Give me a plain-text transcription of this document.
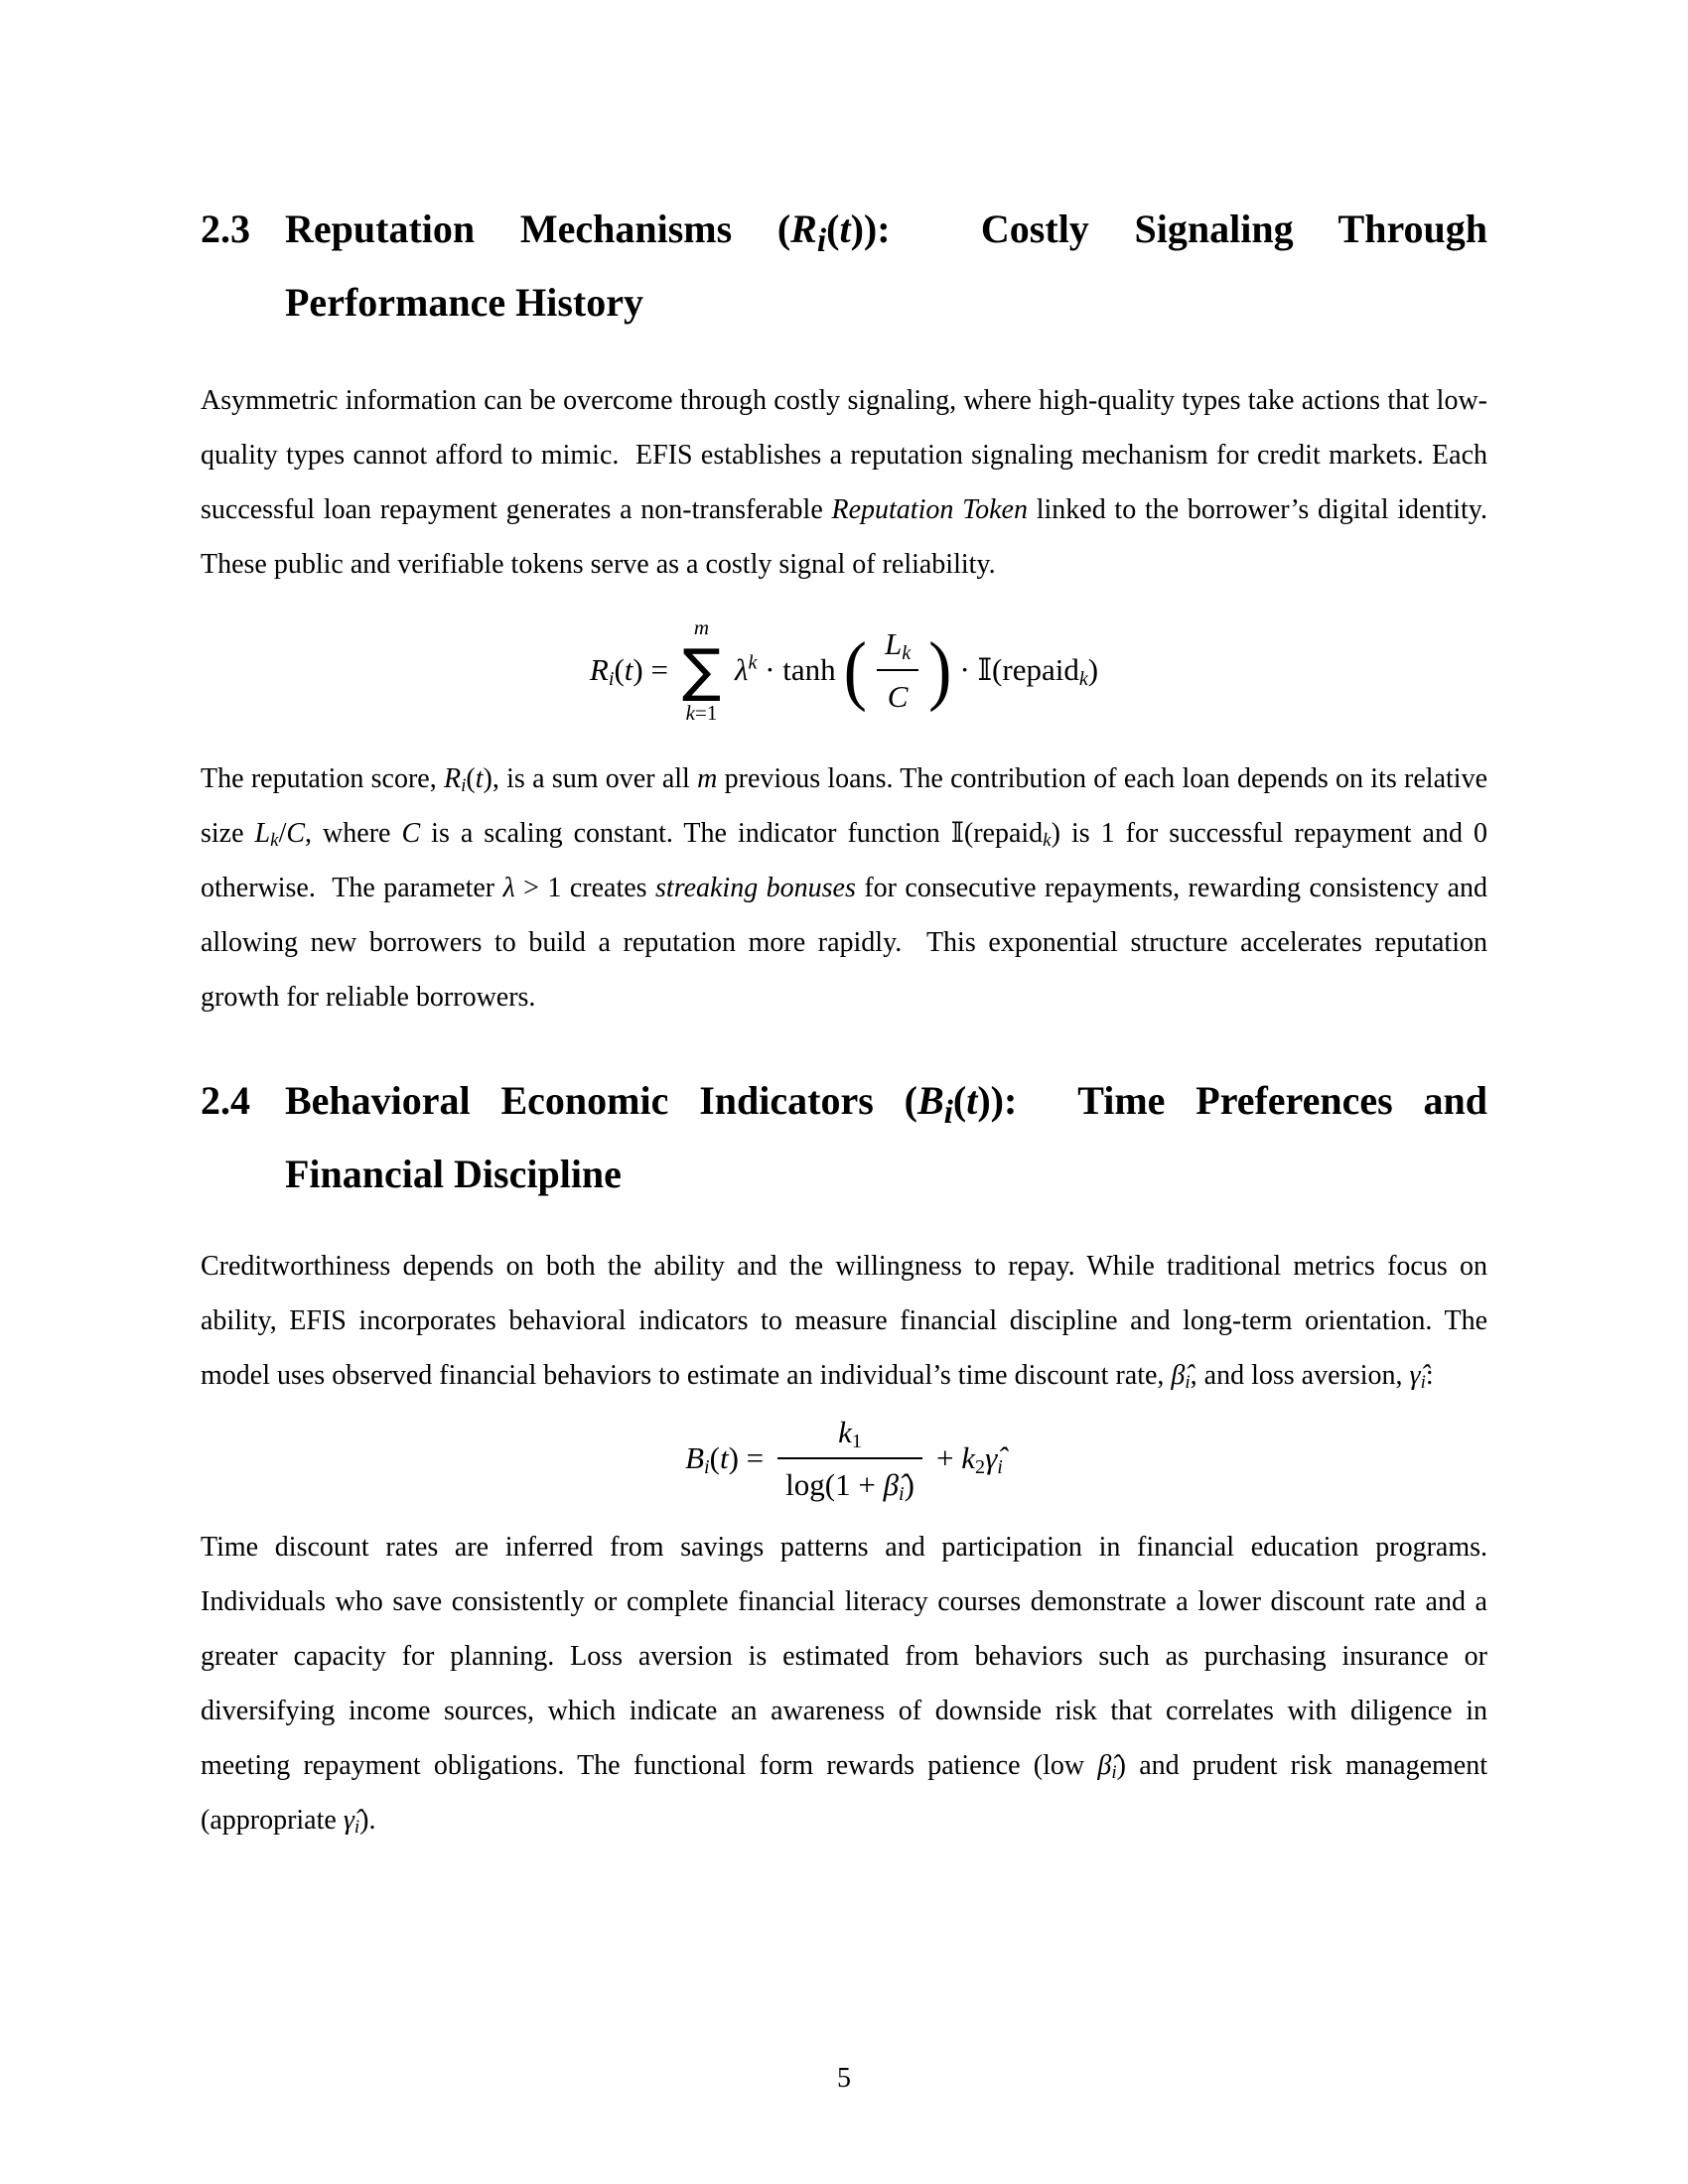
2.3 Reputation Mechanisms $(R_i(t))$:  Costly Signaling Through Performance History

Asymmetric information can be overcome through costly signaling, where high-quality types take actions that low-quality types cannot afford to mimic.  EFIS establishes a reputation signaling mechanism for credit markets. Each successful loan repayment generates a non-transferable Reputation Token linked to the borrower’s digital identity. These public and verifiable tokens serve as a costly signal of reliability.

$R_i(t)$ =
m
∑
k=1
$\lambda^k \cdot \tanh$ ( $\frac{L_k}{C}$ ) · 𝕀(repaid$_k$)

The reputation score, $R_i(t)$, is a sum over all m previous loans. The contribution of each loan depends on its relative size $L_k/C$, where C is a scaling constant. The indicator function 𝕀(repaid$_k$) is 1 for successful repayment and 0 otherwise.  The parameter λ > 1 creates streaking bonuses for consecutive repayments, rewarding consistency and allowing new borrowers to build a reputation more rapidly.  This exponential structure accelerates reputation growth for reliable borrowers.

2.4 Behavioral Economic Indicators $(B_i(t))$:  Time Preferences and Financial Discipline

Creditworthiness depends on both the ability and the willingness to repay. While traditional metrics focus on ability, EFIS incorporates behavioral indicators to measure financial discipline and long-term orientation. The model uses observed financial behaviors to estimate an individual’s time discount rate, $\betâ_i$, and loss aversion, $\gammâ_i$:

$B_i(t) = \frac{k_1}{\log(1 + \betâ_i)}$ + $k_2\gammâ_i$

Time discount rates are inferred from savings patterns and participation in financial education programs. Individuals who save consistently or complete financial literacy courses demonstrate a lower discount rate and a greater capacity for planning. Loss aversion is estimated from behaviors such as purchasing insurance or diversifying income sources, which indicate an awareness of downside risk that correlates with diligence in meeting repayment obligations. The functional form rewards patience (low $\betâ_i$) and prudent risk management (appropriate $\gammâ_i$).

5
